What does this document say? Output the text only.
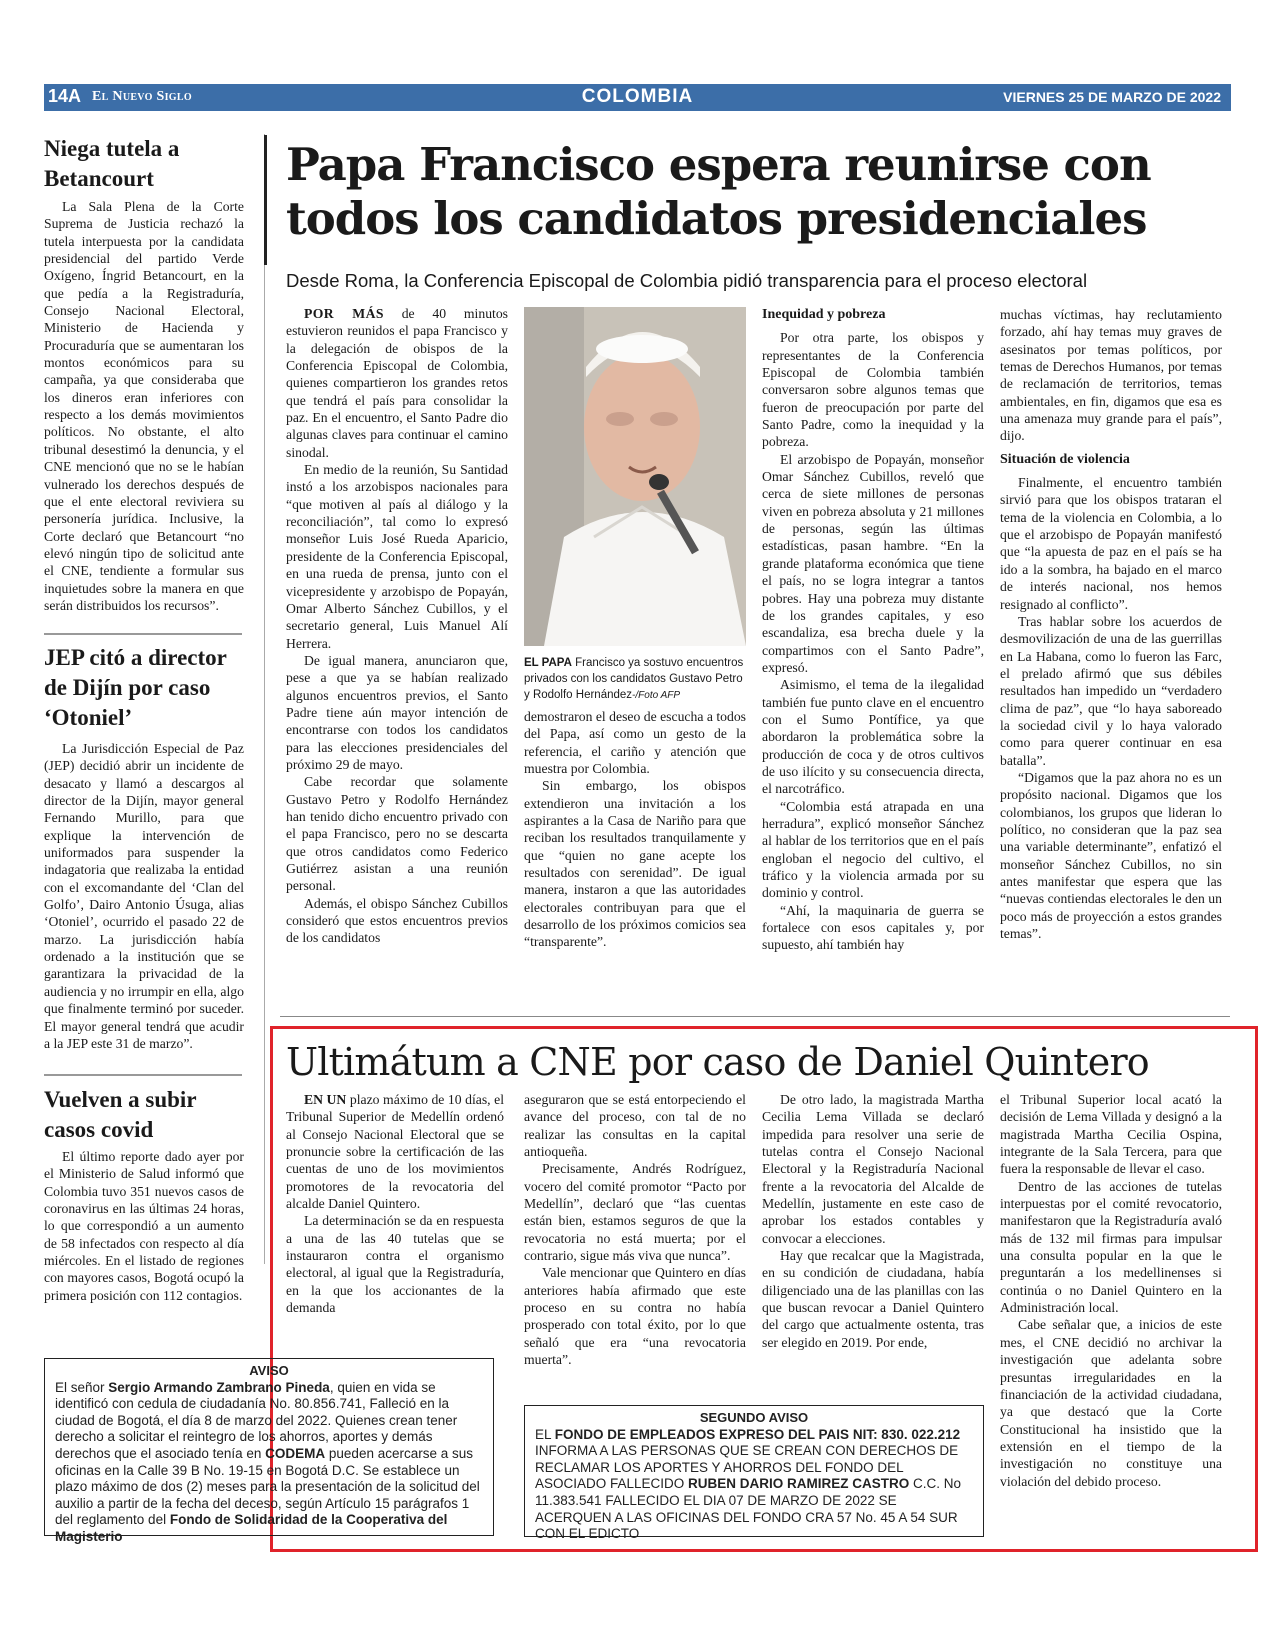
14A El Nuevo Siglo	COLOMBIA	VIERNES 25 DE MARZO DE 2022
Niega tutela a Betancourt

La Sala Plena de la Corte Suprema de Justicia rechazó la tutela interpuesta por la candidata presidencial del partido Verde Oxígeno, Íngrid Betancourt, en la que pedía a la Registraduría, Consejo Nacional Electoral, Ministerio de Hacienda y Procuraduría que se aumentaran los montos económicos para su campaña, ya que consideraba que los dineros eran inferiores con respecto a los demás movimientos políticos. No obstante, el alto tribunal desestimó la denuncia, y el CNE mencionó que no se le habían vulnerado los derechos después de que el ente electoral reviviera su personería jurídica. Inclusive, la Corte declaró que Betancourt “no elevó ningún tipo de solicitud ante el CNE, tendiente a formular sus inquietudes sobre la manera en que serán distribuidos los recursos”.

JEP citó a director de Dijín por caso ‘Otoniel’

La Jurisdicción Especial de Paz (JEP) decidió abrir un incidente de desacato y llamó a descargos al director de la Dijín, mayor general Fernando Murillo, para que explique la intervención de uniformados para suspender la indagatoria que realizaba la entidad con el excomandante del ‘Clan del Golfo’, Dairo Antonio Úsuga, alias ‘Otoniel’, ocurrido el pasado 22 de marzo. La jurisdicción había ordenado a la institución que se garantizara la privacidad de la audiencia y no irrumpir en ella, algo que finalmente terminó por suceder. El mayor general tendrá que acudir a la JEP este 31 de marzo”.

Vuelven a subir casos covid

El último reporte dado ayer por el Ministerio de Salud informó que Colombia tuvo 351 nuevos casos de coronavirus en las últimas 24 horas, lo que correspondió a un aumento de 58 infectados con respecto al día miércoles. En el listado de regiones con mayores casos, Bogotá ocupó la primera posición con 112 contagios.

Papa Francisco espera reunirse con todos los candidatos presidenciales
Desde Roma, la Conferencia Episcopal de Colombia pidió transparencia para el proceso electoral

POR MÁS de 40 minutos estuvieron reunidos el papa Francisco y la delegación de obispos de la Conferencia Episcopal de Colombia, quienes compartieron los grandes retos que tendrá el país para consolidar la paz. En el encuentro, el Santo Padre dio algunas claves para continuar el camino sinodal.

En medio de la reunión, Su Santidad instó a los arzobispos nacionales para “que motiven al país al diálogo y la reconciliación”, tal como lo expresó monseñor Luis José Rueda Aparicio, presidente de la Conferencia Episcopal, en una rueda de prensa, junto con el vicepresidente y arzobispo de Popayán, Omar Alberto Sánchez Cubillos, y el secretario general, Luis Manuel Alí Herrera.

De igual manera, anunciaron que, pese a que ya se habían realizado algunos encuentros previos, el Santo Padre tiene aún mayor intención de encontrarse con todos los candidatos para las elecciones presidenciales del próximo 29 de mayo.

Cabe recordar que solamente Gustavo Petro y Rodolfo Hernández han tenido dicho encuentro privado con el papa Francisco, pero no se descarta que otros candidatos como Federico Gutiérrez asistan a una reunión personal.

Además, el obispo Sánchez Cubillos consideró que estos encuentros previos de los candidatos

EL PAPA Francisco ya sostuvo encuentros privados con los candidatos Gustavo Petro y Rodolfo Hernández-/Foto AFP

demostraron el deseo de escucha a todos del Papa, así como un gesto de la referencia, el cariño y atención que muestra por Colombia.

Sin embargo, los obispos extendieron una invitación a los aspirantes a la Casa de Nariño para que reciban los resultados tranquilamente y que “quien no gane acepte los resultados con serenidad”. De igual manera, instaron a que las autoridades electorales contribuyan para que el desarrollo de los próximos comicios sea “transparente”.

Inequidad y pobreza

Por otra parte, los obispos y representantes de la Conferencia Episcopal de Colombia también conversaron sobre algunos temas que fueron de preocupación por parte del Santo Padre, como la inequidad y la pobreza.

El arzobispo de Popayán, monseñor Omar Sánchez Cubillos, reveló que cerca de siete millones de personas viven en pobreza absoluta y 21 millones de personas, según las últimas estadísticas, pasan hambre. “En la grande plataforma económica que tiene el país, no se logra integrar a tantos pobres. Hay una pobreza muy distante de los grandes capitales, y eso escandaliza, esa brecha duele y la compartimos con el Santo Padre”, expresó.

Asimismo, el tema de la ilegalidad también fue punto clave en el encuentro con el Sumo Pontífice, ya que abordaron la problemática sobre la producción de coca y de otros cultivos de uso ilícito y su consecuencia directa, el narcotráfico.

“Colombia está atrapada en una herradura”, explicó monseñor Sánchez al hablar de los territorios que en el país engloban el negocio del cultivo, el tráfico y la violencia armada por su dominio y control.

“Ahí, la maquinaria de guerra se fortalece con esos capitales y, por supuesto, ahí también hay

muchas víctimas, hay reclutamiento forzado, ahí hay temas muy graves de asesinatos por temas políticos, por temas de Derechos Humanos, por temas de reclamación de territorios, temas ambientales, en fin, digamos que esa es una amenaza muy grande para el país”, dijo.

Situación de violencia

Finalmente, el encuentro también sirvió para que los obispos trataran el tema de la violencia en Colombia, a lo que el arzobispo de Popayán manifestó que “la apuesta de paz en el país se ha ido a la sombra, ha bajado en el marco de interés nacional, nos hemos resignado al conflicto”.

Tras hablar sobre los acuerdos de desmovilización de una de las guerrillas en La Habana, como lo fueron las Farc, el prelado afirmó que sus débiles resultados han impedido un “verdadero clima de paz”, que “lo haya saboreado la sociedad civil y lo haya valorado como para querer continuar en esa batalla”.

“Digamos que la paz ahora no es un propósito nacional. Digamos que los colombianos, los grupos que lideran lo político, no consideran que la paz sea una variable determinante”, enfatizó el monseñor Sánchez Cubillos, no sin antes manifestar que espera que las “nuevas contiendas electorales le den un poco más de proyección a estos grandes temas”.

Ultimátum a CNE por caso de Daniel Quintero

EN UN plazo máximo de 10 días, el Tribunal Superior de Medellín ordenó al Consejo Nacional Electoral que se pronuncie sobre la certificación de las cuentas de uno de los movimientos promotores de la revocatoria del alcalde Daniel Quintero.

La determinación se da en respuesta a una de las 40 tutelas que se instauraron contra el organismo electoral, al igual que la Registraduría, en la que los accionantes de la demanda

aseguraron que se está entorpeciendo el avance del proceso, con tal de no realizar las consultas en la capital antioqueña.

Precisamente, Andrés Rodríguez, vocero del comité promotor “Pacto por Medellín”, declaró que “las cuentas están bien, estamos seguros de que la revocatoria no está muerta; por el contrario, sigue más viva que nunca”.

Vale mencionar que Quintero en días anteriores había afirmado que este proceso en su contra no había prosperado con total éxito, por lo que señaló que era “una revocatoria muerta”.

De otro lado, la magistrada Martha Cecilia Lema Villada se declaró impedida para resolver una serie de tutelas contra el Consejo Nacional Electoral y la Registraduría Nacional frente a la revocatoria del Alcalde de Medellín, justamente en este caso de aprobar los estados contables y convocar a elecciones.

Hay que recalcar que la Magistrada, en su condición de ciudadana, había diligenciado una de las planillas con las que buscan revocar a Daniel Quintero del cargo que actualmente ostenta, tras ser elegido en 2019. Por ende,

el Tribunal Superior local acató la decisión de Lema Villada y designó a la magistrada Martha Cecilia Ospina, integrante de la Sala Tercera, para que fuera la responsable de llevar el caso.

Dentro de las acciones de tutelas interpuestas por el comité revocatorio, manifestaron que la Registraduría avaló más de 132 mil firmas para impulsar una consulta popular en la que le preguntarán a los medellinenses si continúa o no Daniel Quintero en la Administración local.

Cabe señalar que, a inicios de este mes, el CNE decidió no archivar la investigación que adelanta sobre presuntas irregularidades en la financiación de la actividad ciudadana, ya que destacó que la Corte Constitucional ha insistido que la extensión en el tiempo de la investigación no constituye una violación del debido proceso.

AVISO
El señor Sergio Armando Zambrano Pineda, quien en vida se identificó con cedula de ciudadanía No. 80.856.741, Falleció en la ciudad de Bogotá, el día 8 de marzo del 2022. Quienes crean tener derecho a solicitar el reintegro de los ahorros, aportes y demás derechos que el asociado tenía en CODEMA pueden acercarse a sus oficinas en la Calle 39 B No. 19-15 en Bogotá D.C. Se establece un plazo máximo de dos (2) meses para la presentación de la solicitud del auxilio a partir de la fecha del deceso, según Artículo 15 parágrafos 1 del reglamento del Fondo de Solidaridad de la Cooperativa del Magisterio
SEGUNDO AVISO
EL FONDO DE EMPLEADOS EXPRESO DEL PAIS NIT: 830. 022.212 INFORMA A LAS PERSONAS QUE SE CREAN CON DERECHOS DE RECLAMAR LOS APORTES Y AHORROS DEL FONDO DEL ASOCIADO FALLECIDO RUBEN DARIO RAMIREZ CASTRO C.C. No 11.383.541 FALLECIDO EL DIA 07 DE MARZO DE 2022 SE ACERQUEN A LAS OFICINAS DEL FONDO CRA 57 No. 45 A 54 SUR CON EL EDICTO
